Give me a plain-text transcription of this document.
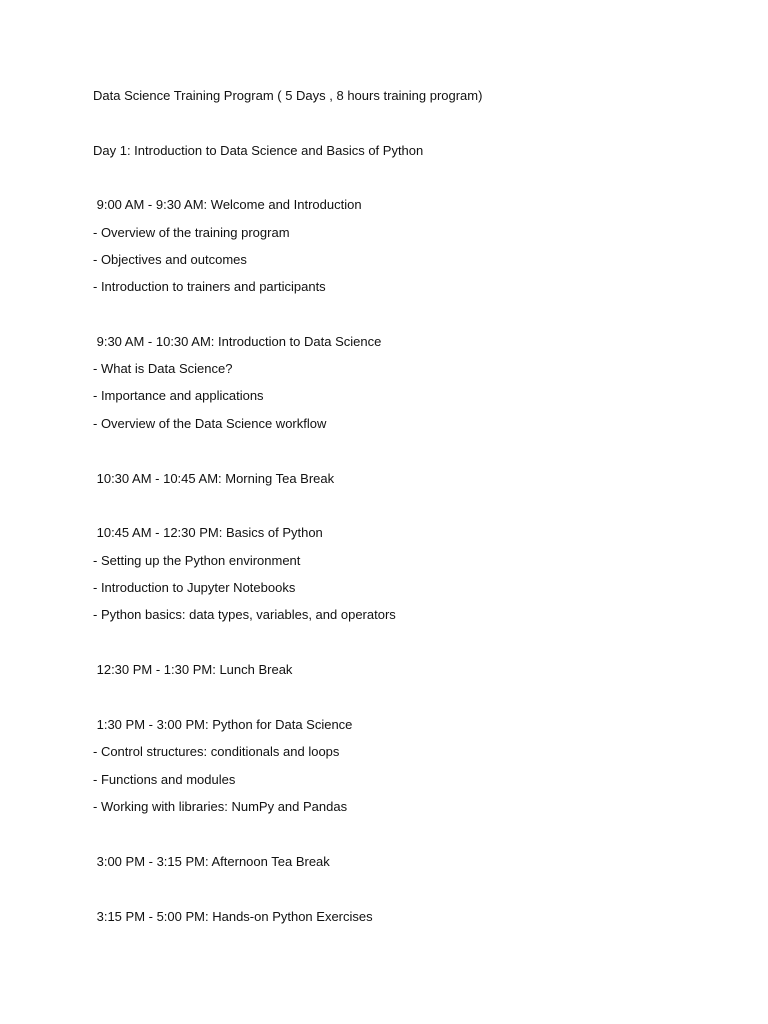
Data Science Training Program ( 5 Days , 8 hours training program)
Day 1: Introduction to Data Science and Basics of Python
9:00 AM - 9:30 AM: Welcome and Introduction
- Overview of the training program
- Objectives and outcomes
- Introduction to trainers and participants
9:30 AM - 10:30 AM: Introduction to Data Science
- What is Data Science?
- Importance and applications
- Overview of the Data Science workflow
10:30 AM - 10:45 AM: Morning Tea Break
10:45 AM - 12:30 PM: Basics of Python
- Setting up the Python environment
- Introduction to Jupyter Notebooks
- Python basics: data types, variables, and operators
12:30 PM - 1:30 PM: Lunch Break
1:30 PM - 3:00 PM: Python for Data Science
- Control structures: conditionals and loops
- Functions and modules
- Working with libraries: NumPy and Pandas
3:00 PM - 3:15 PM: Afternoon Tea Break
3:15 PM - 5:00 PM: Hands-on Python Exercises
